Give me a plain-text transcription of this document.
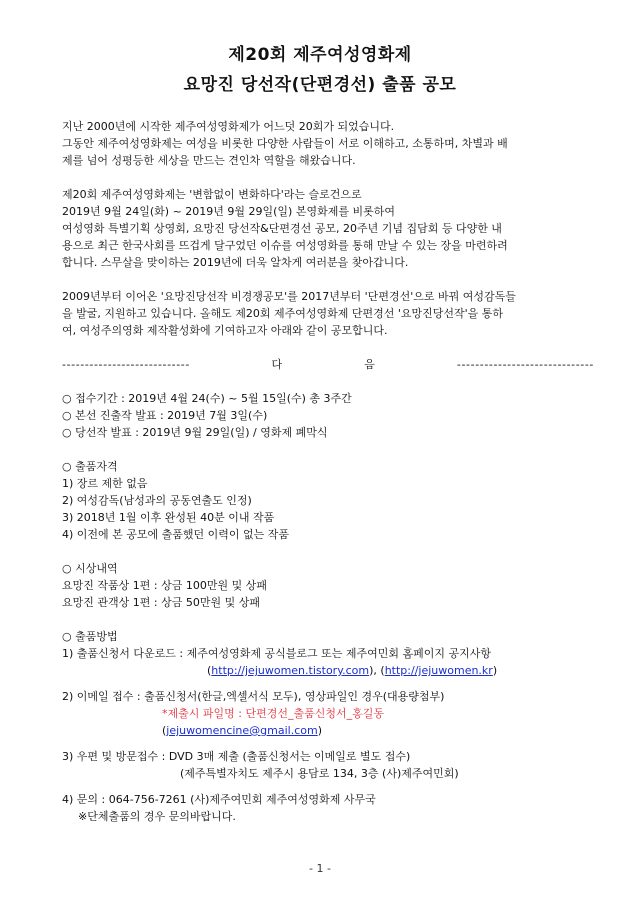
제20회 제주여성영화제
요망진 당선작(단편경선) 출품 공모
지난 2000년에 시작한 제주여성영화제가 어느덧 20회가 되었습니다.
그동안 제주여성영화제는 여성을 비롯한 다양한 사람들이 서로 이해하고, 소통하며, 차별과 배
제를 넘어 성평등한 세상을 만드는 견인차 역할을 해왔습니다.
제20회 제주여성영화제는 '변함없이 변화하다'라는 슬로건으로
2019년 9월 24일(화) ~ 2019년 9월 29일(일) 본영화제를 비롯하여
여성영화 특별기획 상영회, 요망진 당선작&단편경선 공모, 20주년 기념 집담회 등 다양한 내
용으로 최근 한국사회를 뜨겁게 달구었던 이슈를 여성영화를 통해 만날 수 있는 장을 마련하려
합니다. 스무살을 맞이하는 2019년에 더욱 알차게 여러분을 찾아갑니다.
2009년부터 이어온 '요망진당선작 비경쟁공모'를 2017년부터 '단편경선'으로 바꿔 여성감독들
을 발굴, 지원하고 있습니다. 올해도 제20회 제주여성영화제 단편경선 '요망진당선작'을 통하
여, 여성주의영화 제작활성화에 기여하고자 아래와 같이 공모합니다.
----------------------------	다	음	------------------------------
○ 접수기간 : 2019년 4월 24(수) ~ 5월 15일(수) 총 3주간
○ 본선 진출작 발표 : 2019년 7월 3일(수)
○ 당선작 발표 : 2019년 9월 29일(일) / 영화제 폐막식
○ 출품자격
1) 장르 제한 없음
2) 여성감독(남성과의 공동연출도 인정)
3) 2018년 1월 이후 완성된 40분 이내 작품
4) 이전에 본 공모에 출품했던 이력이 없는 작품
○ 시상내역
요망진 작품상 1편 : 상금 100만원 및 상패
요망진 관객상 1편 : 상금 50만원 및 상패
○ 출품방법
1) 출품신청서 다운로드 : 제주여성영화제 공식블로그 또는 제주여민회 홈페이지 공지사항
(http://jejuwomen.tistory.com), (http://jejuwomen.kr)
2) 이메일 접수 : 출품신청서(한글,엑셀서식 모두), 영상파일인 경우(대용량첨부)
*제출시 파일명 : 단편경선_출품신청서_홍길동
(jejuwomencine@gmail.com)
3) 우편 및 방문접수 : DVD 3매 제출 (출품신청서는 이메일로 별도 접수)
(제주특별자치도 제주시 용담로 134, 3층 (사)제주여민회)
4) 문의 : 064-756-7261 (사)제주여민회 제주여성영화제 사무국
※단체출품의 경우 문의바랍니다.
- 1 -
